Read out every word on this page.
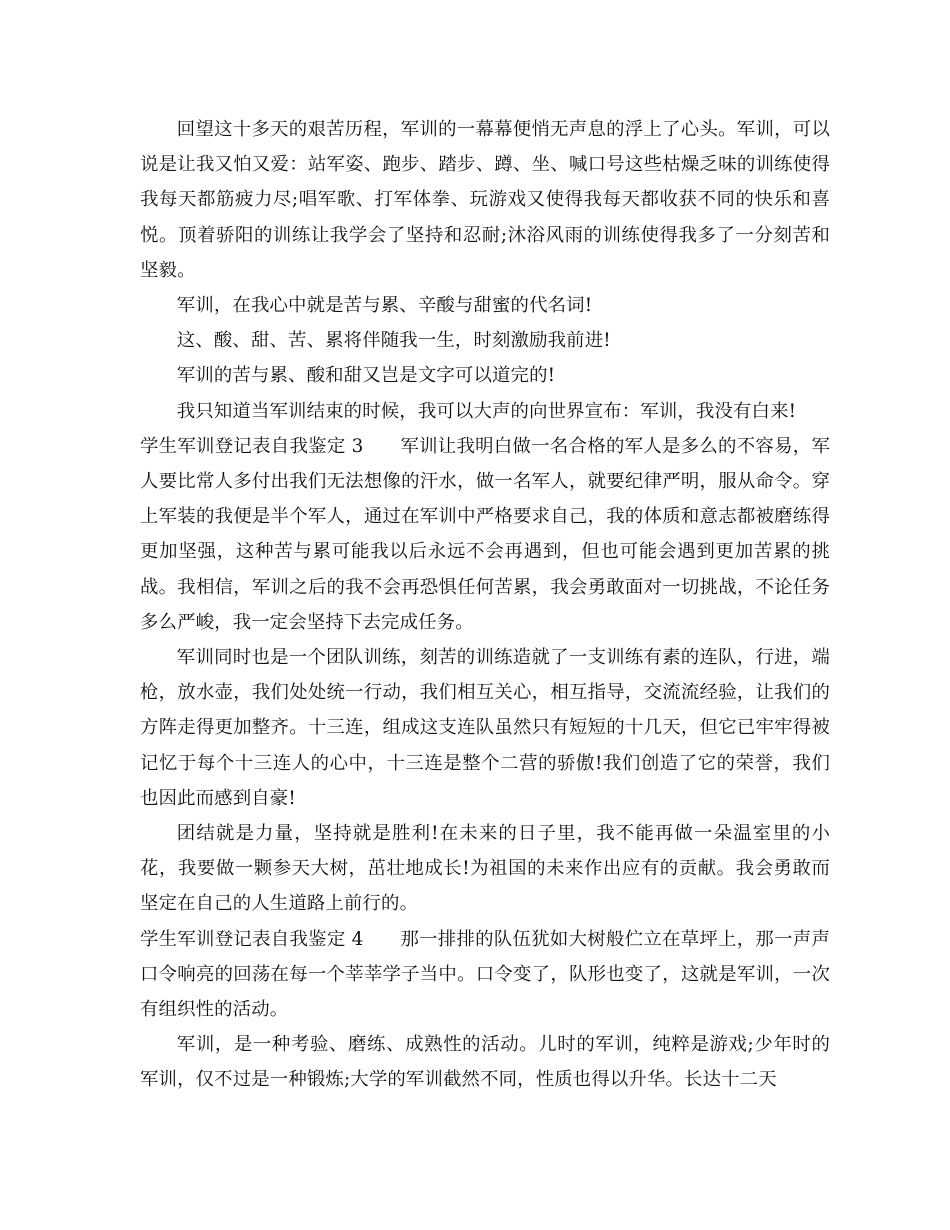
回望这十多天的艰苦历程，军训的一幕幕便悄无声息的浮上了心头。军训，可以说是让我又怕又爱：站军姿、跑步、踏步、蹲、坐、喊口号这些枯燥乏味的训练使得我每天都筋疲力尽;唱军歌、打军体拳、玩游戏又使得我每天都收获不同的快乐和喜悦。顶着骄阳的训练让我学会了坚持和忍耐;沐浴风雨的训练使得我多了一分刻苦和坚毅。

军训，在我心中就是苦与累、辛酸与甜蜜的代名词!

这、酸、甜、苦、累将伴随我一生，时刻激励我前进!

军训的苦与累、酸和甜又岂是文字可以道完的!

我只知道当军训结束的时候，我可以大声的向世界宣布：军训，我没有白来!

学生军训登记表自我鉴定 3 军训让我明白做一名合格的军人是多么的不容易，军人要比常人多付出我们无法想像的汗水，做一名军人，就要纪律严明，服从命令。穿上军装的我便是半个军人，通过在军训中严格要求自己，我的体质和意志都被磨练得更加坚强，这种苦与累可能我以后永远不会再遇到，但也可能会遇到更加苦累的挑战。我相信，军训之后的我不会再恐惧任何苦累，我会勇敢面对一切挑战，不论任务多么严峻，我一定会坚持下去完成任务。

军训同时也是一个团队训练，刻苦的训练造就了一支训练有素的连队，行进，端枪，放水壶，我们处处统一行动，我们相互关心，相互指导，交流流经验，让我们的方阵走得更加整齐。十三连，组成这支连队虽然只有短短的十几天，但它已牢牢得被记忆于每个十三连人的心中，十三连是整个二营的骄傲!我们创造了它的荣誉，我们也因此而感到自豪!

团结就是力量，坚持就是胜利!在未来的日子里，我不能再做一朵温室里的小花，我要做一颗参天大树，茁壮地成长!为祖国的未来作出应有的贡献。我会勇敢而坚定在自己的人生道路上前行的。

学生军训登记表自我鉴定 4 那一排排的队伍犹如大树般伫立在草坪上，那一声声口令响亮的回荡在每一个莘莘学子当中。口令变了，队形也变了，这就是军训，一次有组织性的活动。

军训，是一种考验、磨练、成熟性的活动。儿时的军训，纯粹是游戏;少年时的军训，仅不过是一种锻炼;大学的军训截然不同，性质也得以升华。长达十二天
